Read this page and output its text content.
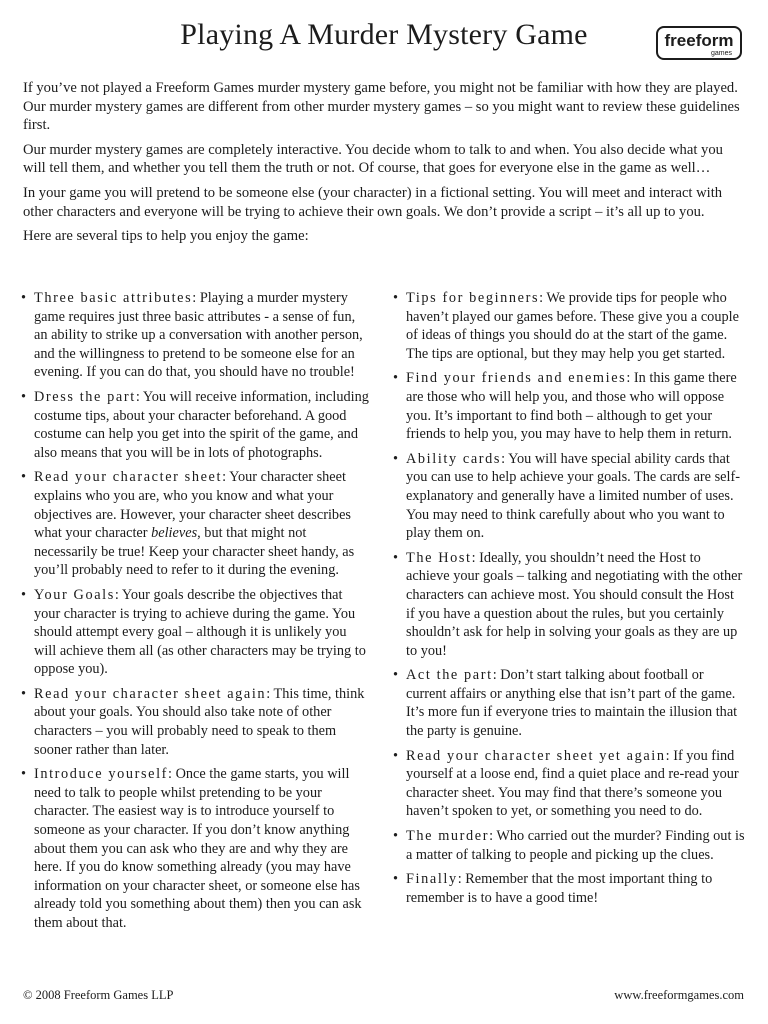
Playing A Murder Mystery Game	freeform
games

If you’ve not played a Freeform Games murder mystery game before, you might not be familiar with how they are played. Our murder mystery games are different from other murder mystery games – so you might want to review these guidelines first.

Our murder mystery games are completely interactive. You decide whom to talk to and when. You also decide what you will tell them, and whether you tell them the truth or not. Of course, that goes for everyone else in the game as well…

In your game you will pretend to be someone else (your character) in a fictional setting. You will meet and interact with other characters and everyone will be trying to achieve their own goals. We don’t provide a script – it’s all up to you.

Here are several tips to help you enjoy the game:

• Three basic attributes: Playing a murder mystery game requires just three basic attributes - a sense of fun, an ability to strike up a conversation with another person, and the willingness to pretend to be someone else for an evening. If you can do that, you should have no trouble!
• Dress the part: You will receive information, including costume tips, about your character beforehand. A good costume can help you get into the spirit of the game, and also means that you will be in lots of photographs.
• Read your character sheet: Your character sheet explains who you are, who you know and what your objectives are. However, your character sheet describes what your character believes, but that might not necessarily be true! Keep your character sheet handy, as you’ll probably need to refer to it during the evening.
• Your Goals: Your goals describe the objectives that your character is trying to achieve during the game. You should attempt every goal – although it is unlikely you will achieve them all (as other characters may be trying to oppose you).
• Read your character sheet again: This time, think about your goals. You should also take note of other characters – you will probably need to speak to them sooner rather than later.
• Introduce yourself: Once the game starts, you will need to talk to people whilst pretending to be your character. The easiest way is to introduce yourself to someone as your character. If you don’t know anything about them you can ask who they are and why they are here. If you do know something already (you may have information on your character sheet, or someone else has already told you something about them) then you can ask them about that.
• Tips for beginners: We provide tips for people who haven’t played our games before. These give you a couple of ideas of things you should do at the start of the game. The tips are optional, but they may help you get started.
• Find your friends and enemies: In this game there are those who will help you, and those who will oppose you. It’s important to find both – although to get your friends to help you, you may have to help them in return.
• Ability cards: You will have special ability cards that you can use to help achieve your goals. The cards are self-explanatory and generally have a limited number of uses. You may need to think carefully about who you want to play them on.
• The Host: Ideally, you shouldn’t need the Host to achieve your goals – talking and negotiating with the other characters can achieve most. You should consult the Host if you have a question about the rules, but you certainly shouldn’t ask for help in solving your goals as they are up to you!
• Act the part: Don’t start talking about football or current affairs or anything else that isn’t part of the game. It’s more fun if everyone tries to maintain the illusion that the party is genuine.
• Read your character sheet yet again: If you find yourself at a loose end, find a quiet place and re-read your character sheet. You may find that there’s someone you haven’t spoken to yet, or something you need to do.
• The murder: Who carried out the murder? Finding out is a matter of talking to people and picking up the clues.
• Finally: Remember that the most important thing to remember is to have a good time!
© 2008 Freeform Games LLP	www.freeformgames.com
